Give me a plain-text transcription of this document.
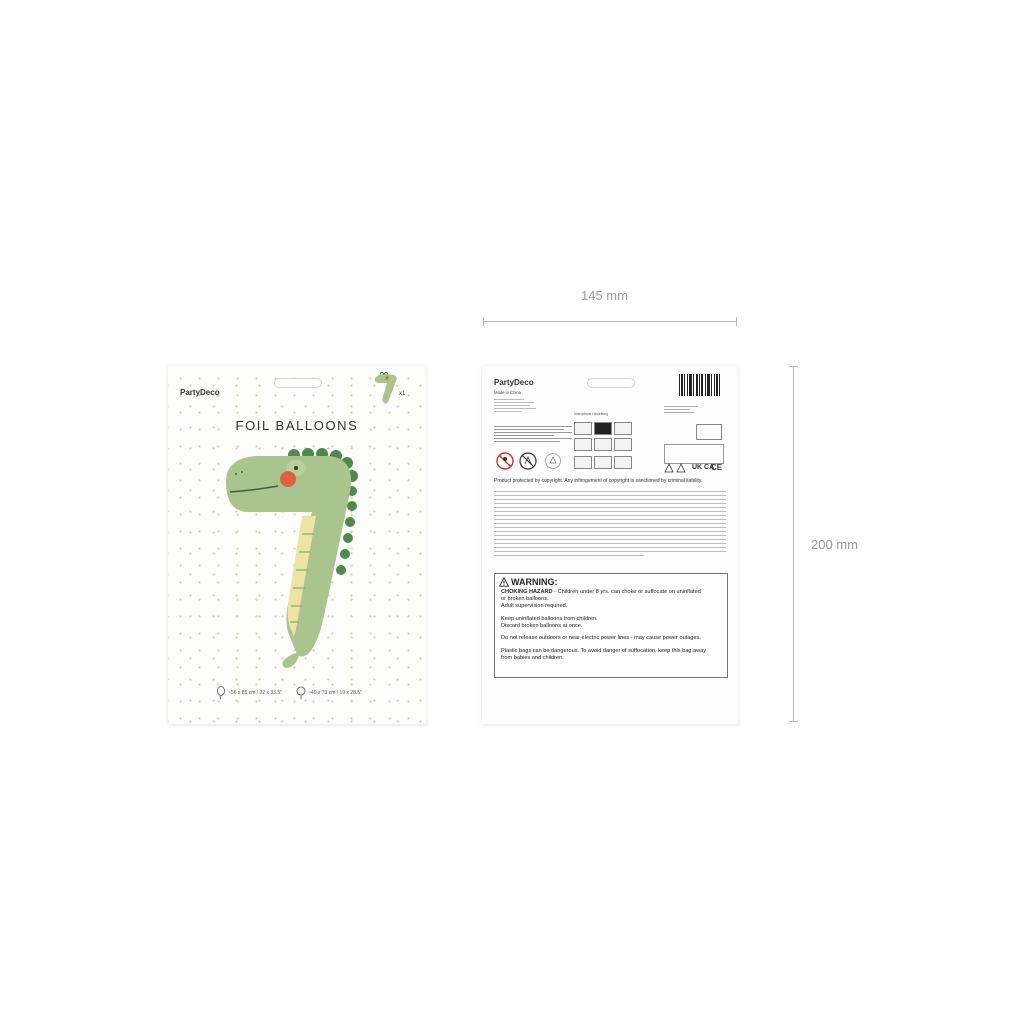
145 mm
200 mm
PartyDeco	x1
FOIL BALLOONS
~56 x 85 cm / 22 x 33.5"	~49 x 73 cm / 19 x 28.5"
PartyDeco
Made in China
Instructions / Anleitung
UK CA
CE
Product protected by copyright. Any infringement of copyright is sanctioned by criminal liability.
WARNING:
CHOKING HAZARD - Children under 8 yrs. can choke or suffocate on uninflated
or broken balloons.
Adult supervision required.
Keep uninflated balloons from children.
Discard broken balloons at once.
Do not release outdoors or near electric power lines - may cause power outages.
Plastic bags can be dangerous. To avoid danger of suffocation, keep this bag away
from babies and children.
